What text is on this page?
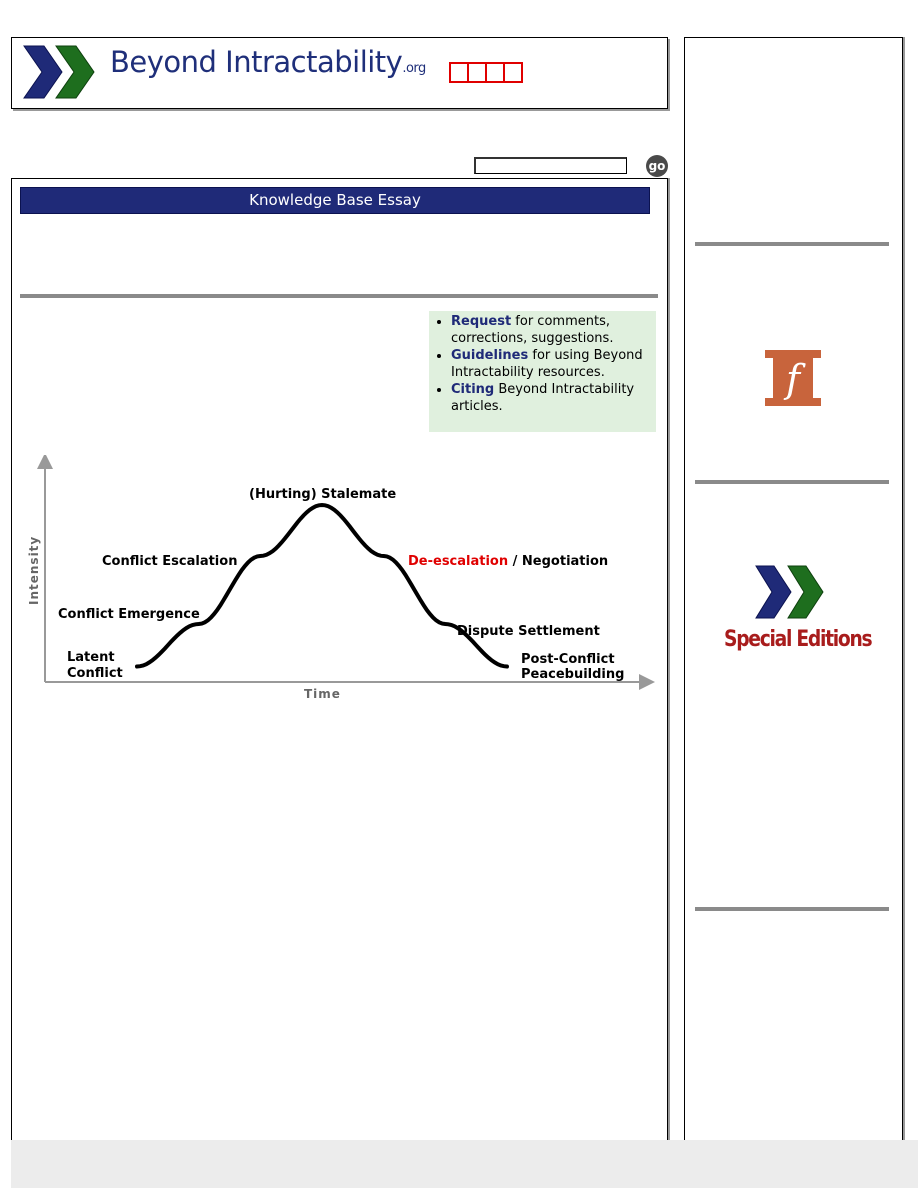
Beyond Intractability.org
go
Knowledge Base Essay
• Request for comments, corrections, suggestions.
• Guidelines for using Beyond Intractability resources.
• Citing Beyond Intractability articles.
Intensity
Time
Latent
Conflict
Conflict Emergence
Conflict Escalation
(Hurting) Stalemate
De-escalation / Negotiation
Dispute Settlement
Post-Conflict
Peacebuilding
f
Special Editions
